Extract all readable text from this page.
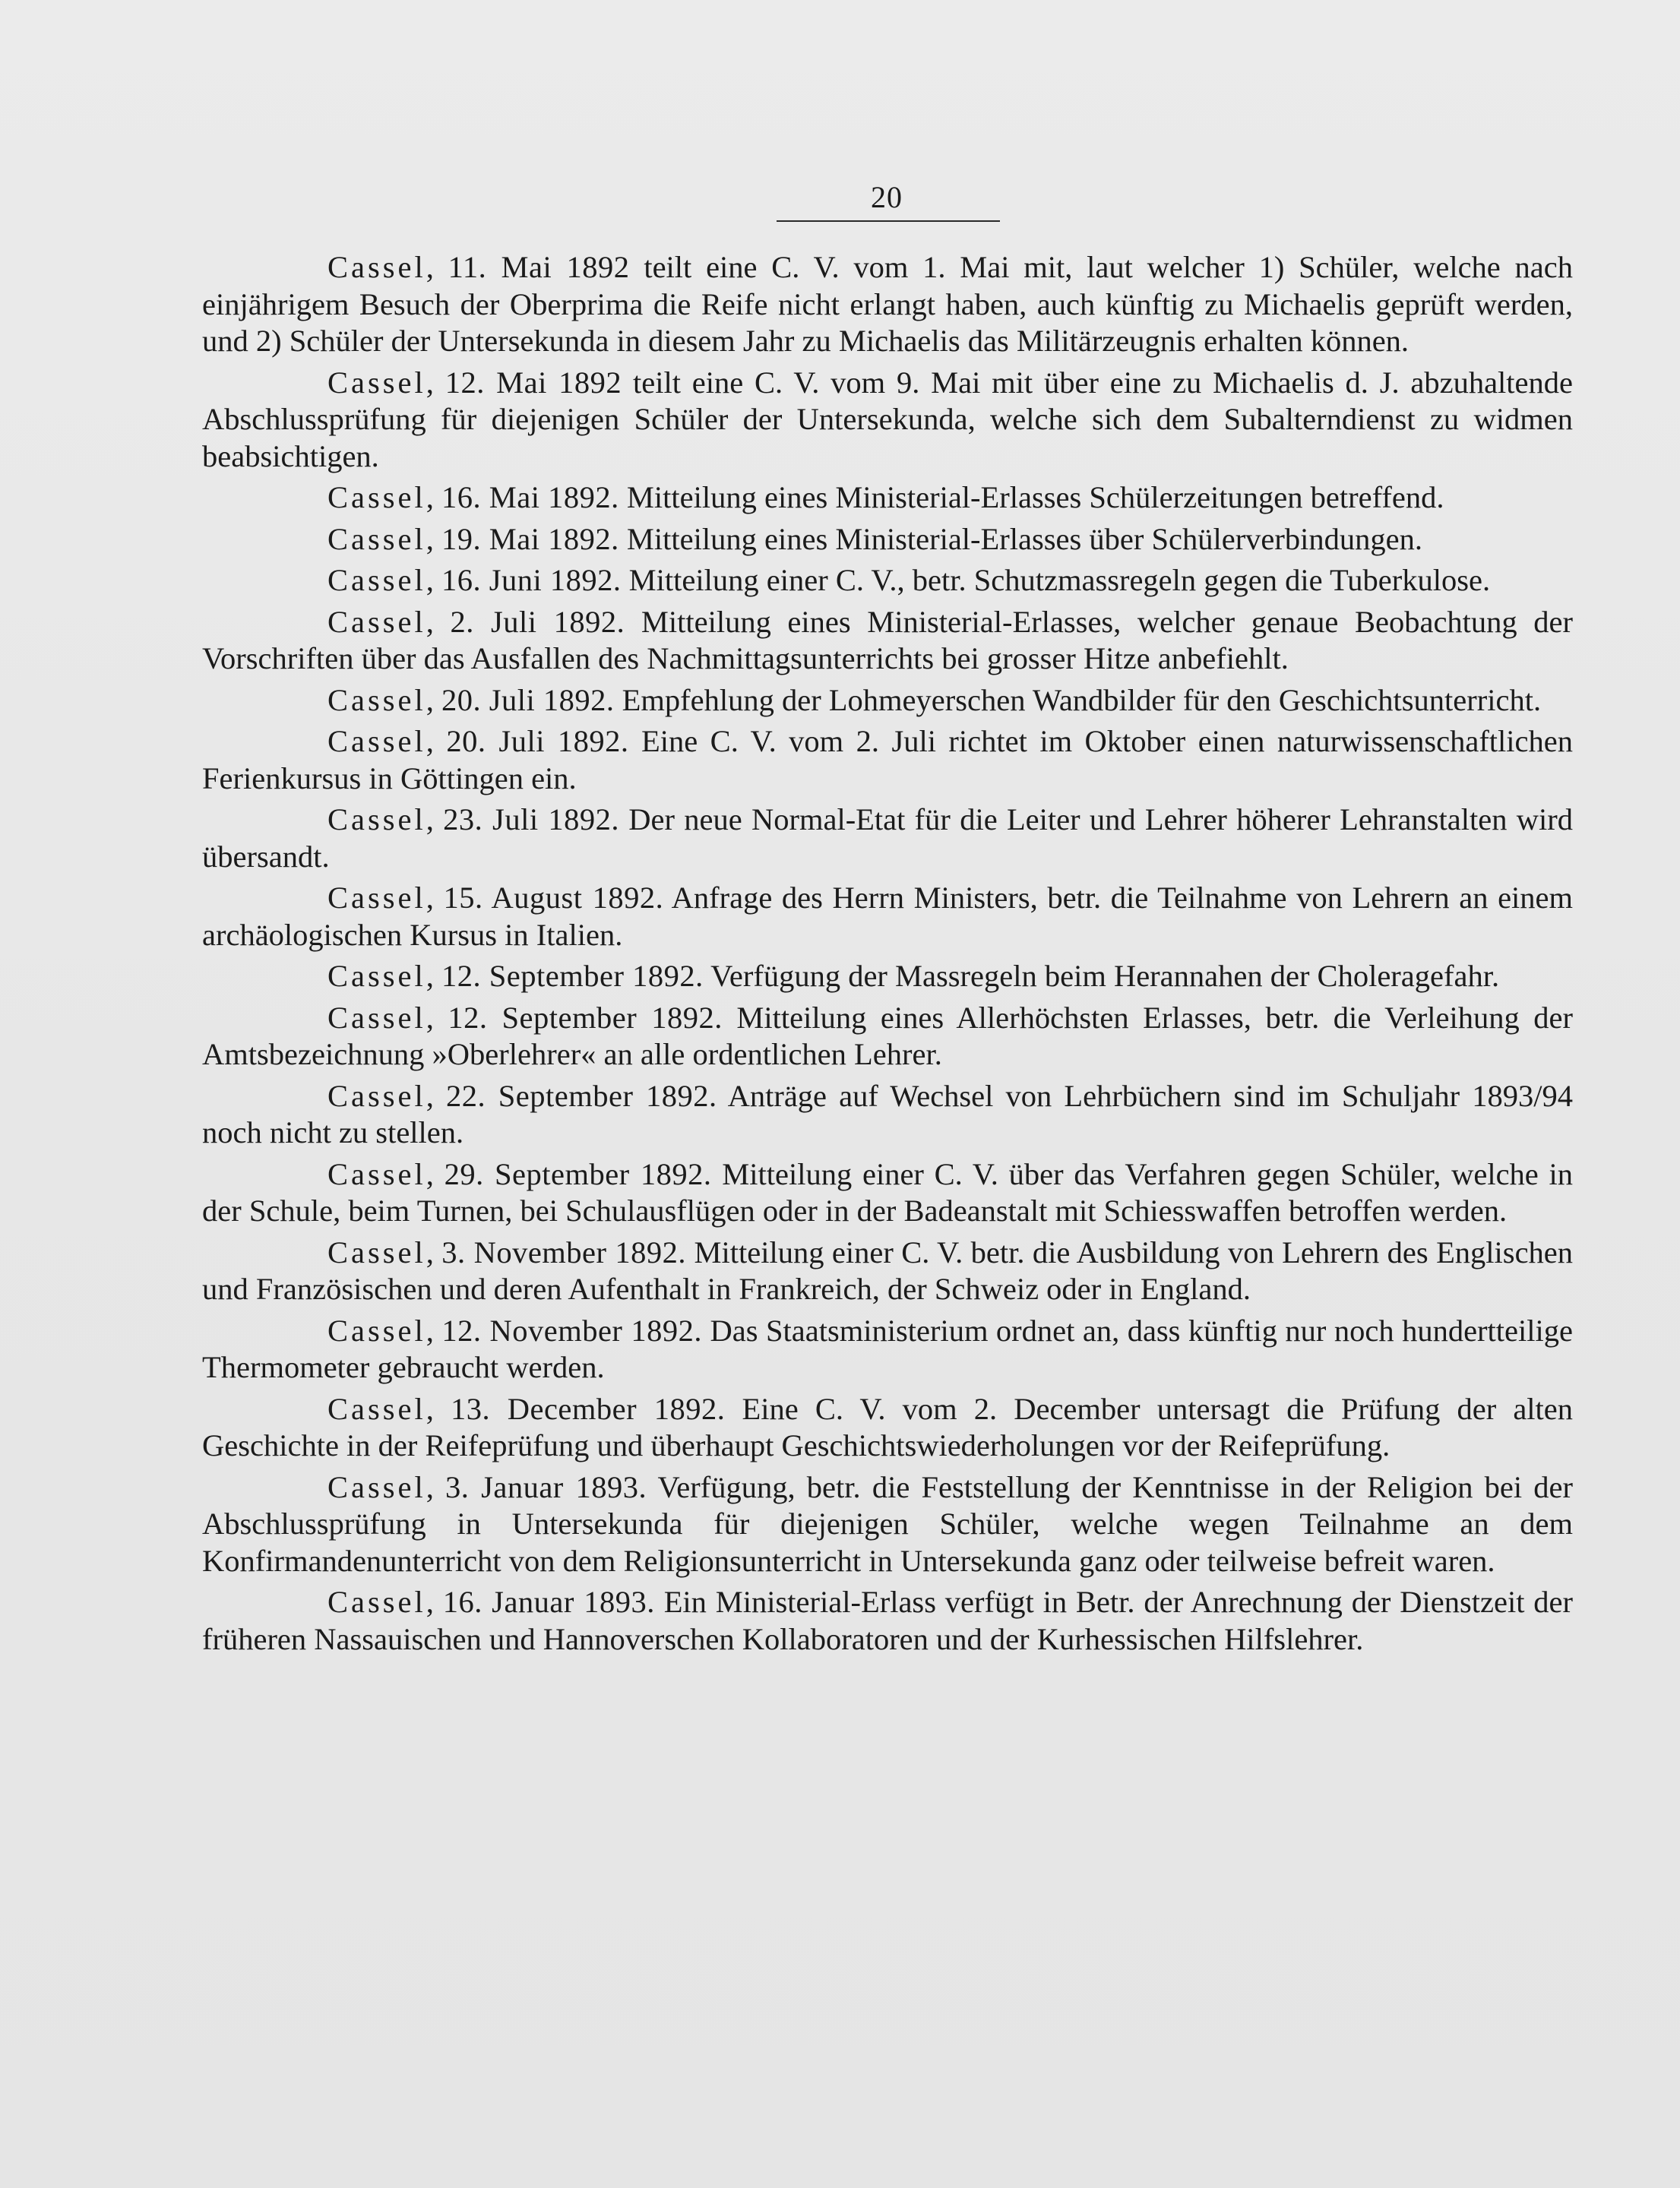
20

Cassel, 11. Mai 1892 teilt eine C. V. vom 1. Mai mit, laut welcher 1) Schüler, welche nach einjährigem Besuch der Oberprima die Reife nicht erlangt haben, auch künftig zu Michaelis geprüft werden, und 2) Schüler der Untersekunda in diesem Jahr zu Michaelis das Militärzeugnis erhalten können.

Cassel, 12. Mai 1892 teilt eine C. V. vom 9. Mai mit über eine zu Michaelis d. J. abzuhaltende Abschlussprüfung für diejenigen Schüler der Untersekunda, welche sich dem Subalterndienst zu widmen beabsichtigen.

Cassel, 16. Mai 1892. Mitteilung eines Ministerial-Erlasses Schülerzeitungen betreffend.

Cassel, 19. Mai 1892. Mitteilung eines Ministerial-Erlasses über Schülerverbindungen.

Cassel, 16. Juni 1892. Mitteilung einer C. V., betr. Schutzmassregeln gegen die Tuberkulose.

Cassel, 2. Juli 1892. Mitteilung eines Ministerial-Erlasses, welcher genaue Beobachtung der Vorschriften über das Ausfallen des Nachmittagsunterrichts bei grosser Hitze anbefiehlt.

Cassel, 20. Juli 1892. Empfehlung der Lohmeyerschen Wandbilder für den Geschichtsunterricht.

Cassel, 20. Juli 1892. Eine C. V. vom 2. Juli richtet im Oktober einen naturwissenschaftlichen Ferienkursus in Göttingen ein.

Cassel, 23. Juli 1892. Der neue Normal-Etat für die Leiter und Lehrer höherer Lehranstalten wird übersandt.

Cassel, 15. August 1892. Anfrage des Herrn Ministers, betr. die Teilnahme von Lehrern an einem archäologischen Kursus in Italien.

Cassel, 12. September 1892. Verfügung der Massregeln beim Herannahen der Choleragefahr.

Cassel, 12. September 1892. Mitteilung eines Allerhöchsten Erlasses, betr. die Verleihung der Amtsbezeichnung »Oberlehrer« an alle ordentlichen Lehrer.

Cassel, 22. September 1892. Anträge auf Wechsel von Lehrbüchern sind im Schuljahr 1893/94 noch nicht zu stellen.

Cassel, 29. September 1892. Mitteilung einer C. V. über das Verfahren gegen Schüler, welche in der Schule, beim Turnen, bei Schulausflügen oder in der Badeanstalt mit Schiesswaffen betroffen werden.

Cassel, 3. November 1892. Mitteilung einer C. V. betr. die Ausbildung von Lehrern des Englischen und Französischen und deren Aufenthalt in Frankreich, der Schweiz oder in England.

Cassel, 12. November 1892. Das Staatsministerium ordnet an, dass künftig nur noch hundertteilige Thermometer gebraucht werden.

Cassel, 13. December 1892. Eine C. V. vom 2. December untersagt die Prüfung der alten Geschichte in der Reifeprüfung und überhaupt Geschichtswiederholungen vor der Reifeprüfung.

Cassel, 3. Januar 1893. Verfügung, betr. die Feststellung der Kenntnisse in der Religion bei der Abschlussprüfung in Untersekunda für diejenigen Schüler, welche wegen Teilnahme an dem Konfirmandenunterricht von dem Religionsunterricht in Untersekunda ganz oder teilweise befreit waren.

Cassel, 16. Januar 1893. Ein Ministerial-Erlass verfügt in Betr. der Anrechnung der Dienstzeit der früheren Nassauischen und Hannoverschen Kollaboratoren und der Kurhessischen Hilfslehrer.
